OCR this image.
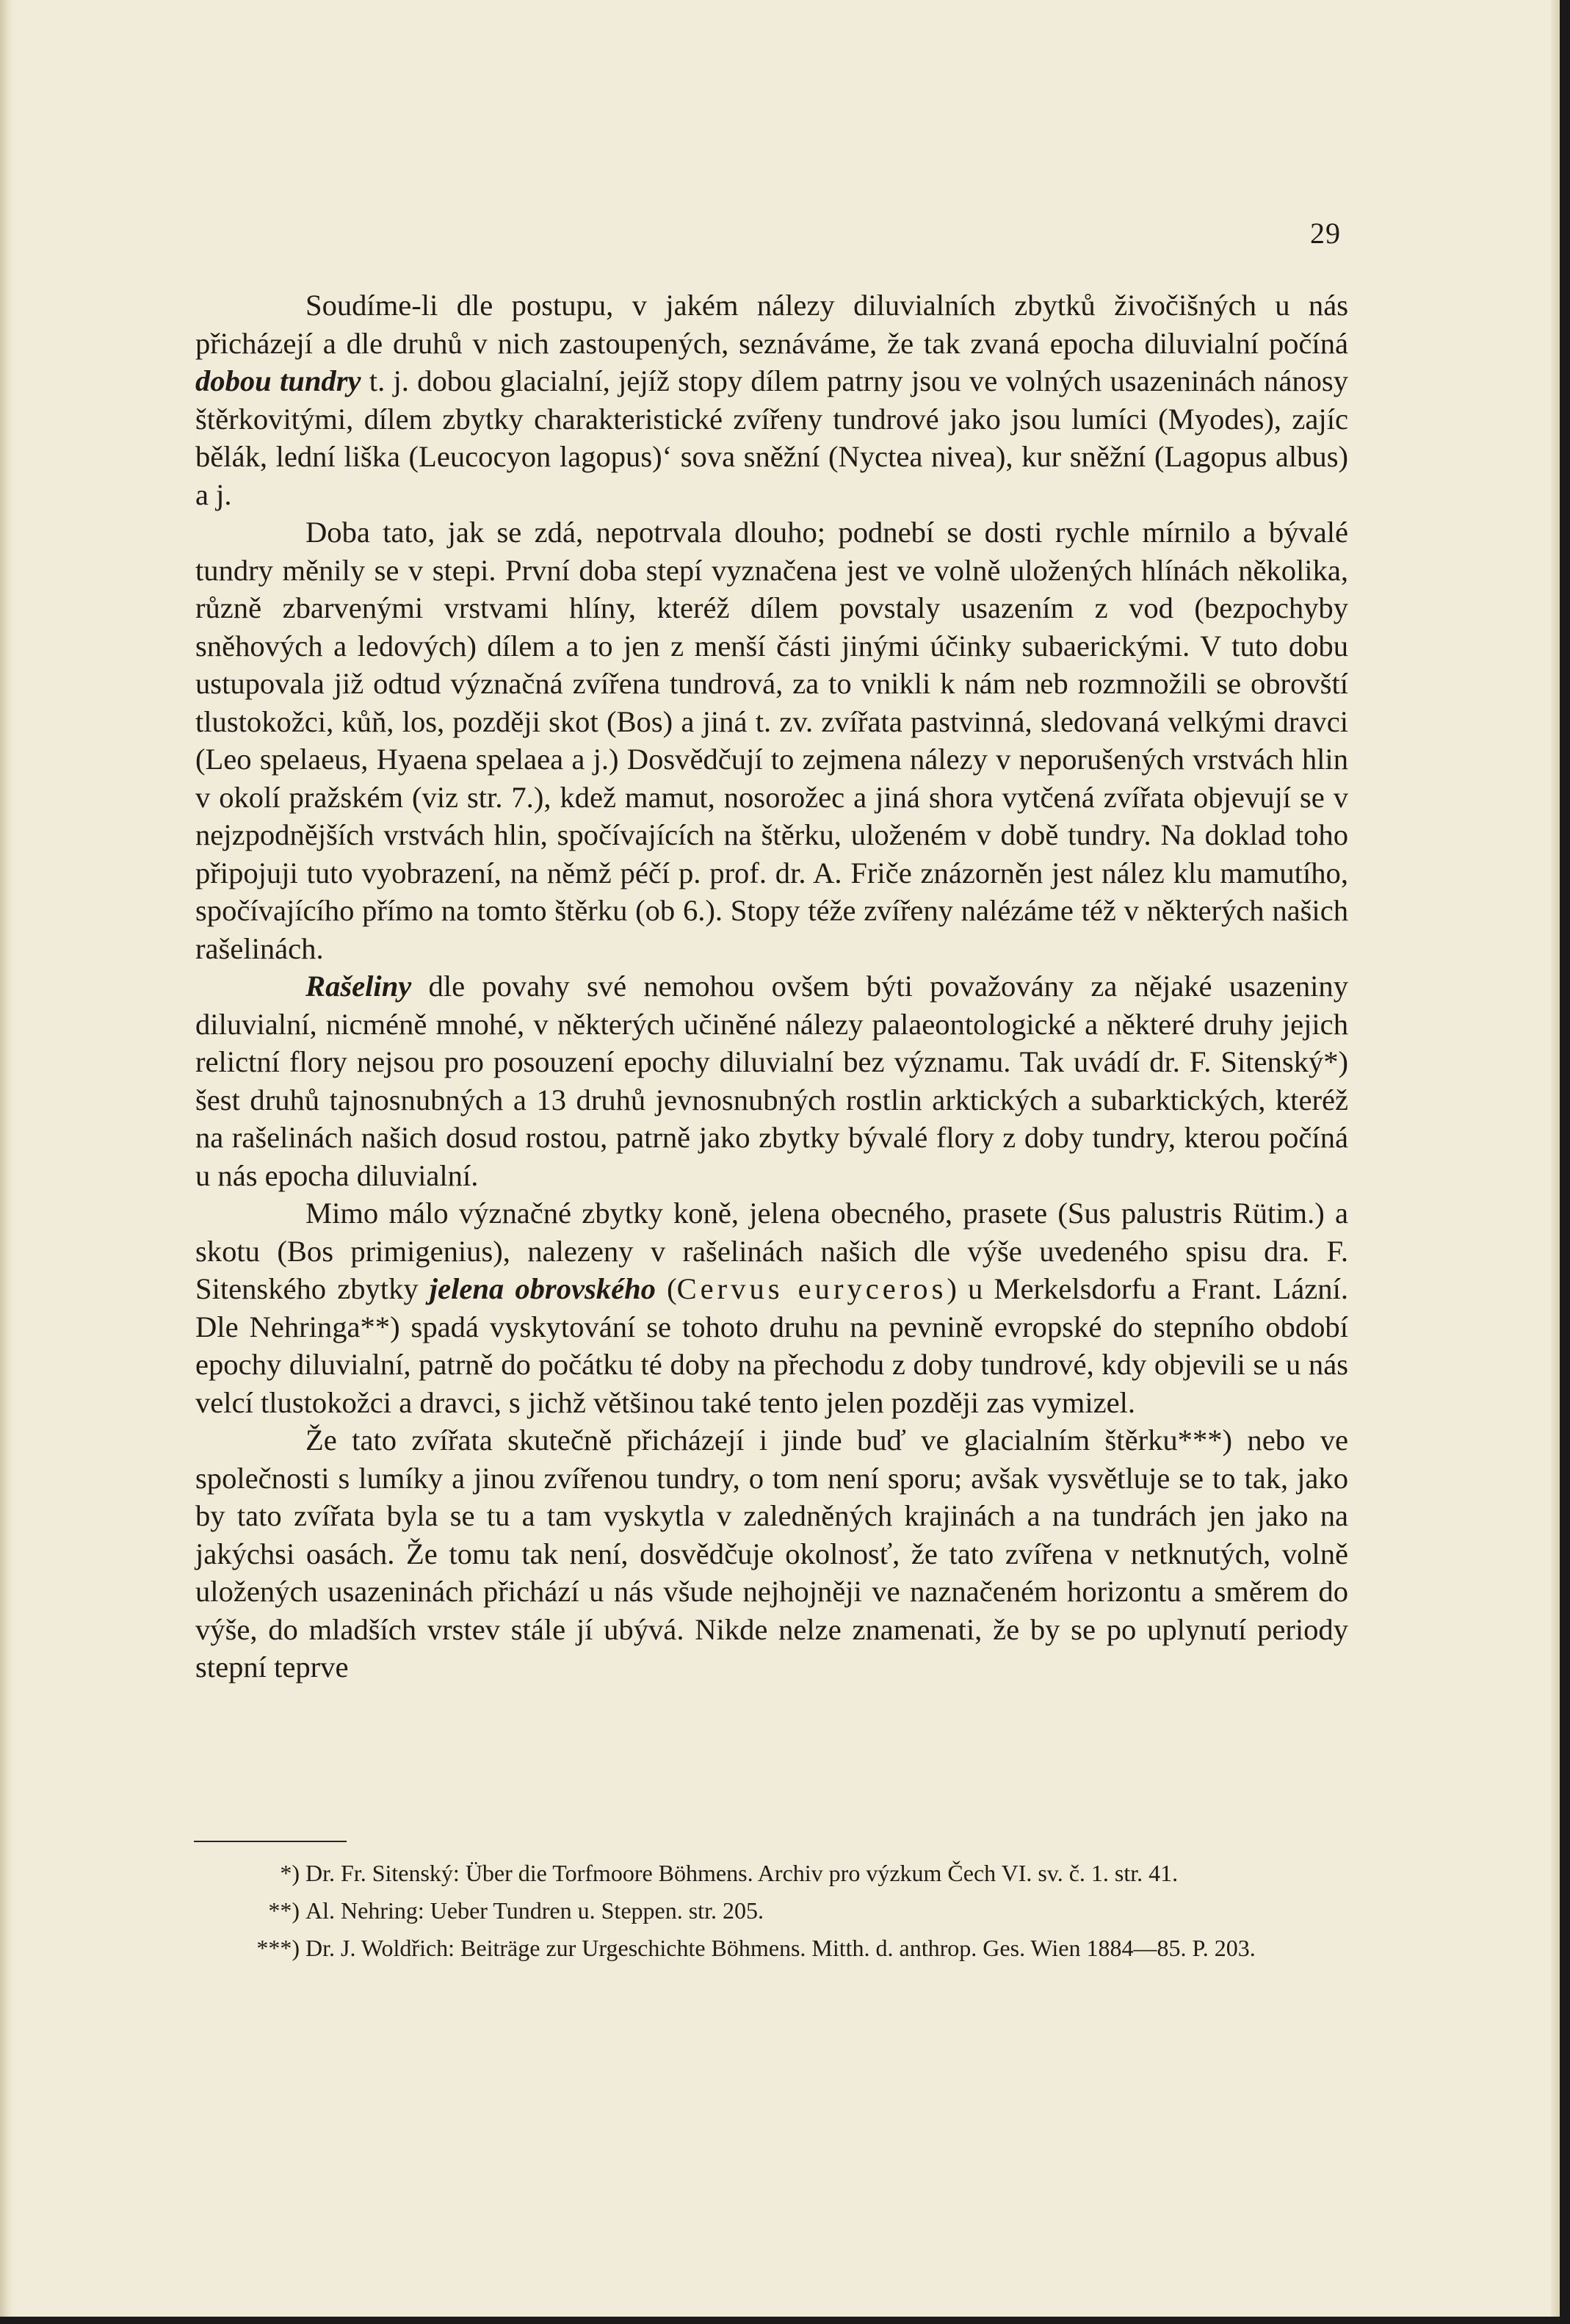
29

Soudíme-li dle postupu, v jakém nálezy diluvialních zbytků živočišných u nás přicházejí a dle druhů v nich zastoupených, seznáváme, že tak zvaná epocha diluvialní počíná dobou tundry t. j. dobou glacialní, jejíž stopy dílem patrny jsou ve volných usazeninách nánosy štěrkovitými, dílem zbytky charakteristické zvířeny tundrové jako jsou lumíci (Myodes), zajíc bělák, lední liška (Leucocyon lagopus)‘ sova sněžní (Nyctea nivea), kur sněžní (Lagopus albus) a j.

Doba tato, jak se zdá, nepotrvala dlouho; podnebí se dosti rychle mírnilo a bývalé tundry měnily se v stepi. První doba stepí vyznačena jest ve volně uložených hlínách několika, různě zbarvenými vrstvami hlíny, kteréž dílem povstaly usazením z vod (bezpochyby sněhových a ledových) dílem a to jen z menší části jinými účinky subaerickými. V tuto dobu ustupovala již odtud význačná zvířena tundrová, za to vnikli k nám neb rozmnožili se obrovští tlustokožci, kůň, los, později skot (Bos) a jiná t. zv. zvířata pastvinná, sledovaná velkými dravci (Leo spelaeus, Hyaena spelaea a j.) Dosvědčují to zejmena nálezy v neporušených vrstvách hlin v okolí pražském (viz str. 7.), kdež mamut, nosorožec a jiná shora vytčená zvířata objevují se v nejzpodnějších vrstvách hlin, spočívajících na štěrku, uloženém v době tundry. Na doklad toho připojuji tuto vyobrazení, na němž péčí p. prof. dr. A. Friče znázorněn jest nález klu mamutího, spočívajícího přímo na tomto štěrku (ob 6.). Stopy téže zvířeny nalézáme též v některých našich rašelinách.

Rašeliny dle povahy své nemohou ovšem býti považovány za nějaké usazeniny diluvialní, nicméně mnohé, v některých učiněné nálezy palaeontologické a některé druhy jejich relictní flory nejsou pro posouzení epochy diluvialní bez významu. Tak uvádí dr. F. Sitenský*) šest druhů tajnosnubných a 13 druhů jevnosnubných rostlin arktických a subarktických, kteréž na rašelinách našich dosud rostou, patrně jako zbytky bývalé flory z doby tundry, kterou počíná u nás epocha diluvialní.

Mimo málo význačné zbytky koně, jelena obecného, prasete (Sus palustris Rütim.) a skotu (Bos primigenius), nalezeny v rašelinách našich dle výše uvedeného spisu dra. F. Sitenského zbytky jelena obrovského (Cervus euryceros) u Merkelsdorfu a Frant. Lázní. Dle Nehringa**) spadá vyskytování se tohoto druhu na pevnině evropské do stepního období epochy diluvialní, patrně do počátku té doby na přechodu z doby tundrové, kdy objevili se u nás velcí tlustokožci a dravci, s jichž většinou také tento jelen později zas vymizel.

Že tato zvířata skutečně přicházejí i jinde buď ve glacialním štěrku***) nebo ve společnosti s lumíky a jinou zvířenou tundry, o tom není sporu; avšak vysvětluje se to tak, jako by tato zvířata byla se tu a tam vyskytla v zaledněných krajinách a na tundrách jen jako na jakýchsi oasách. Že tomu tak není, dosvědčuje okolnosť, že tato zvířena v netknutých, volně uložených usazeninách přichází u nás všude nejhojněji ve naznačeném horizontu a směrem do výše, do mladších vrstev stále jí ubývá. Nikde nelze znamenati, že by se po uplynutí periody stepní teprve

*) Dr. Fr. Sitenský: Über die Torfmoore Böhmens. Archiv pro výzkum Čech VI. sv. č. 1. str. 41.
**) Al. Nehring: Ueber Tundren u. Steppen. str. 205.
***) Dr. J. Woldřich: Beiträge zur Urgeschichte Böhmens. Mitth. d. anthrop. Ges. Wien 1884—85. P. 203.
